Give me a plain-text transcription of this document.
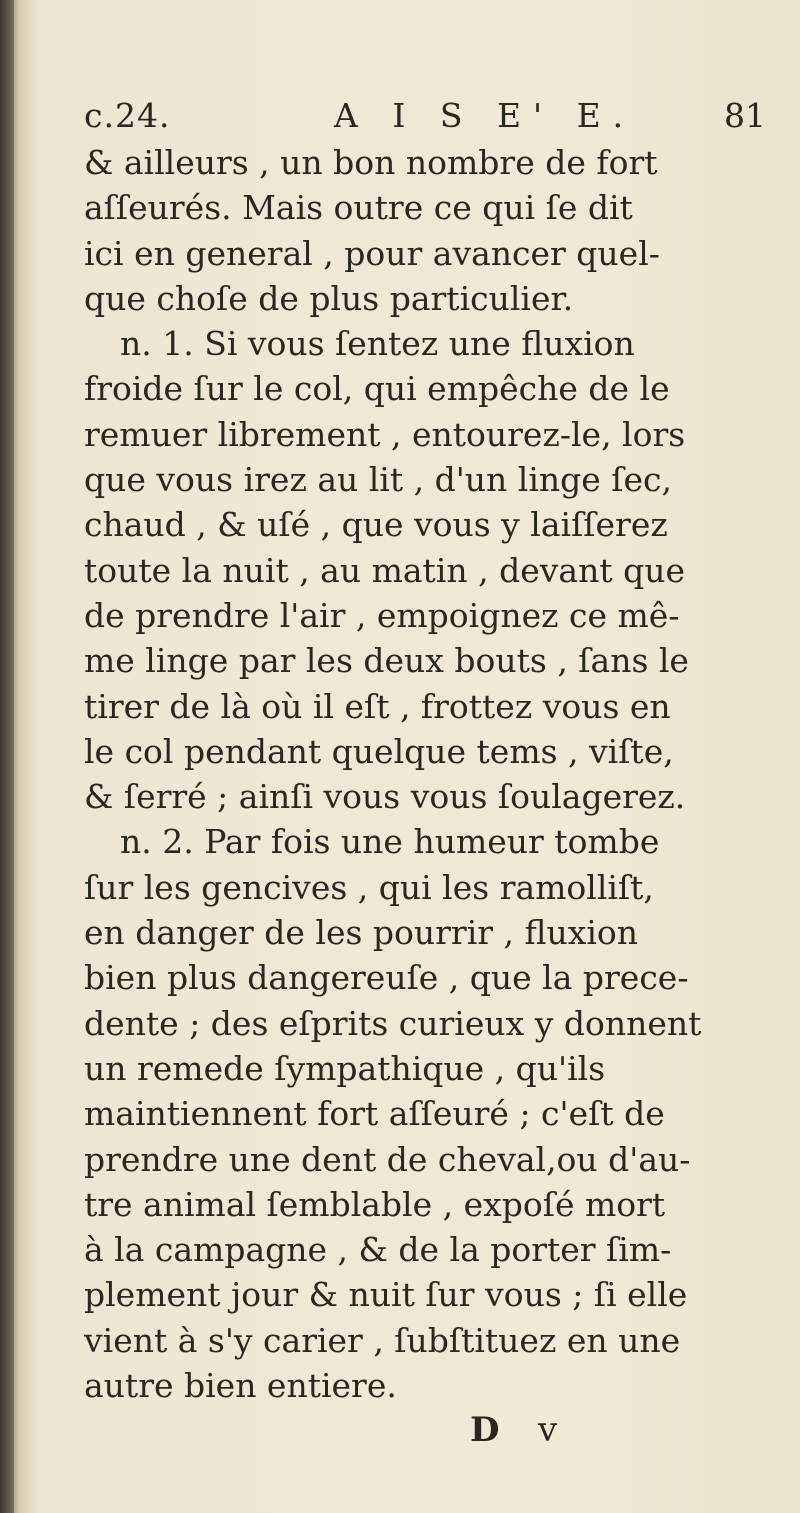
c.24.	A I S E' E.	81
& ailleurs , un bon nombre de fort
aſſeurés. Mais outre ce qui ſe dit
ici en general , pour avancer quel-
que choſe de plus particulier.
n. 1. Si vous ſentez une fluxion
froide ſur le col, qui empêche de le
remuer librement , entourez-le, lors
que vous irez au lit , d'un linge ſec,
chaud , & uſé , que vous y laiſſerez
toute la nuit , au matin , devant que
de prendre l'air , empoignez ce mê-
me linge par les deux bouts , ſans le
tirer de là où il eſt , frottez vous en
le col pendant quelque tems , viſte,
& ſerré ; ainſi vous vous ſoulagerez.
n. 2. Par fois une humeur tombe
ſur les gencives , qui les ramolliſt,
en danger de les pourrir , fluxion
bien plus dangereuſe , que la prece-
dente ; des eſprits curieux y donnent
un remede ſympathique , qu'ils
maintiennent fort aſſeuré ; c'eſt de
prendre une dent de cheval,ou d'au-
tre animal ſemblable , expoſé mort
à la campagne , & de la porter ſim-
plement jour & nuit ſur vous ; ſi elle
vient à s'y carier , ſubſtituez en une
autre bien entiere.
D v
